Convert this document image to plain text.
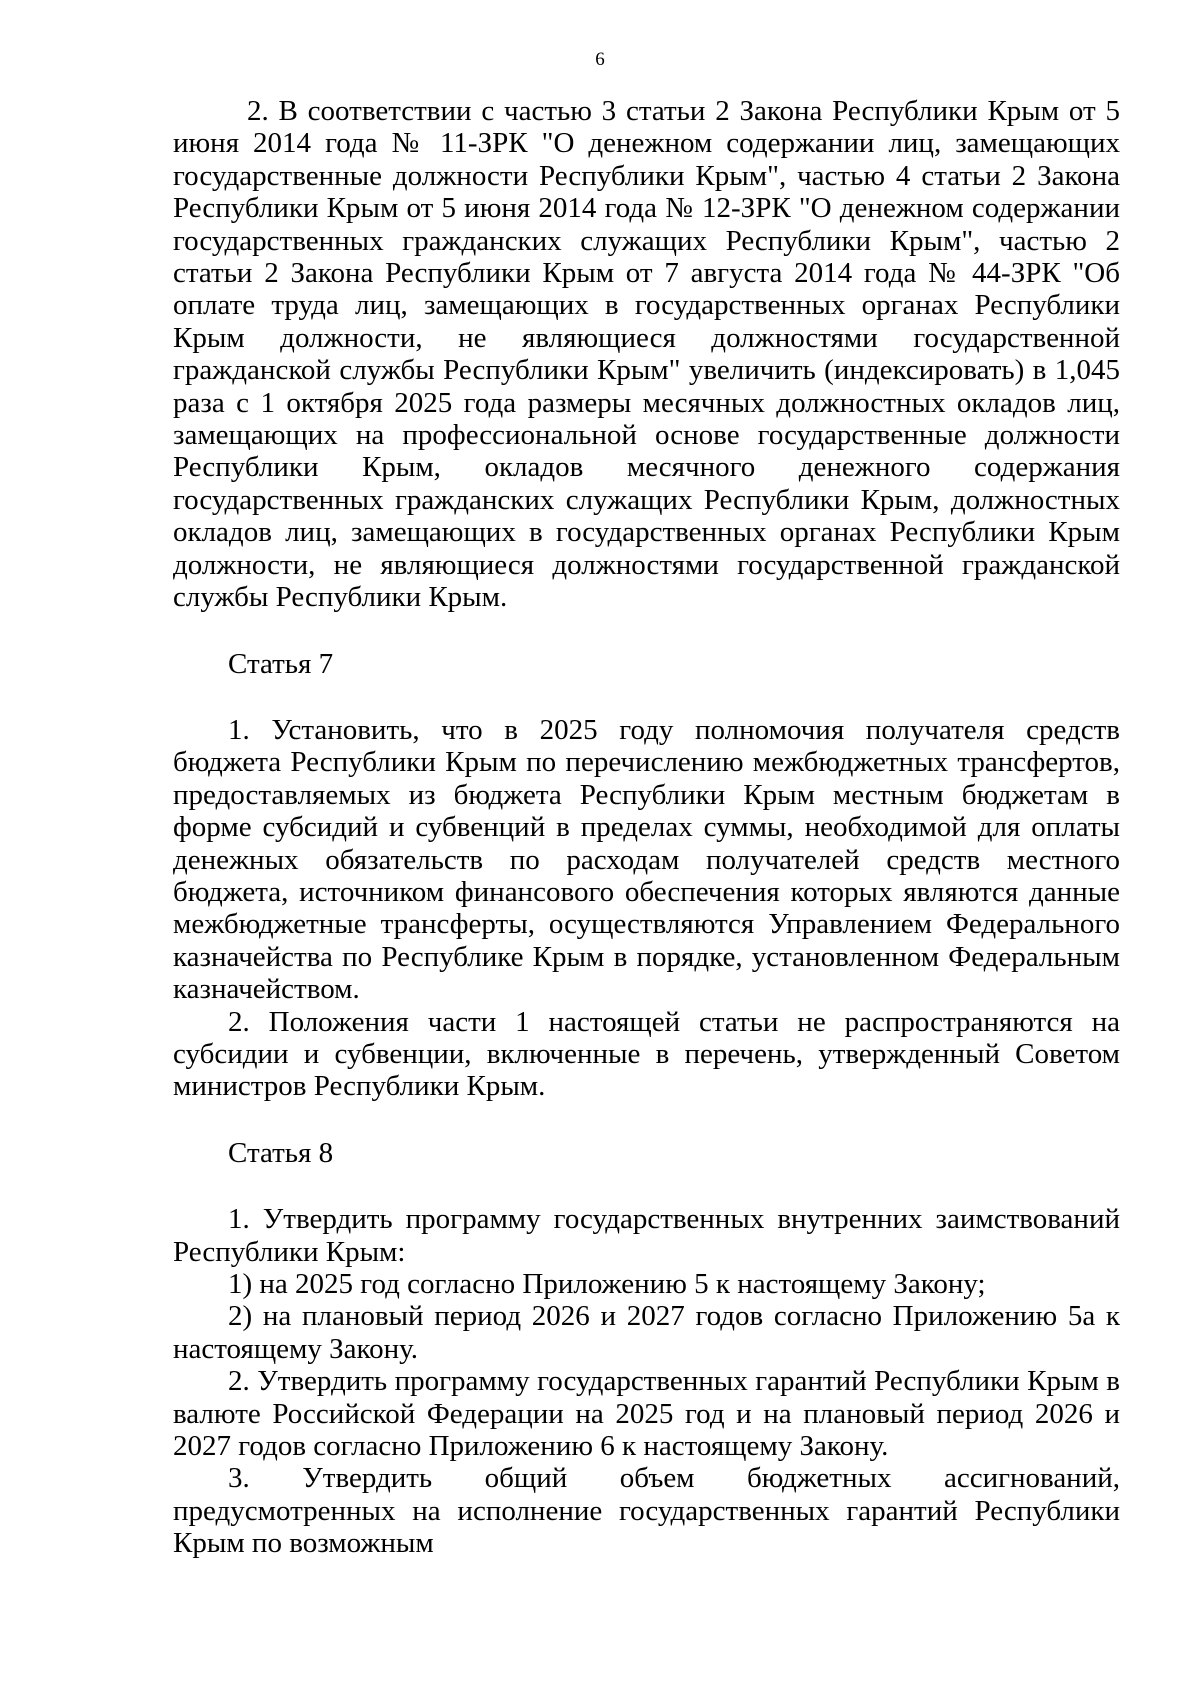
6

2. В соответствии с частью 3 статьи 2 Закона Республики Крым от 5 июня 2014 года № 11-ЗРК "О денежном содержании лиц, замещающих государственные должности Республики Крым", частью 4 статьи 2 Закона Республики Крым от 5 июня 2014 года № 12-ЗРК "О денежном содержании государственных гражданских служащих Республики Крым", частью 2 статьи 2 Закона Республики Крым от 7 августа 2014 года № 44-ЗРК "Об оплате труда лиц, замещающих в государственных органах Республики Крым должности, не являющиеся должностями государственной гражданской службы Республики Крым" увеличить (индексировать) в 1,045 раза с 1 октября 2025 года размеры месячных должностных окладов лиц, замещающих на профессиональной основе государственные должности Республики Крым, окладов месячного денежного содержания государственных гражданских служащих Республики Крым, должностных окладов лиц, замещающих в государственных органах Республики Крым должности, не являющиеся должностями государственной гражданской службы Республики Крым.

Статья 7

1. Установить, что в 2025 году полномочия получателя средств бюджета Республики Крым по перечислению межбюджетных трансфертов, предоставляемых из бюджета Республики Крым местным бюджетам в форме субсидий и субвенций в пределах суммы, необходимой для оплаты денежных обязательств по расходам получателей средств местного бюджета, источником финансового обеспечения которых являются данные межбюджетные трансферты, осуществляются Управлением Федерального казначейства по Республике Крым в порядке, установленном Федеральным казначейством.

2. Положения части 1 настоящей статьи не распространяются на субсидии и субвенции, включенные в перечень, утвержденный Советом министров Республики Крым.

Статья 8

1. Утвердить программу государственных внутренних заимствований Республики Крым:

1) на 2025 год согласно Приложению 5 к настоящему Закону;

2) на плановый период 2026 и 2027 годов согласно Приложению 5а к настоящему Закону.

2. Утвердить программу государственных гарантий Республики Крым в валюте Российской Федерации на 2025 год и на плановый период 2026 и 2027 годов согласно Приложению 6 к настоящему Закону.

3. Утвердить общий объем бюджетных ассигнований, предусмотренных на исполнение государственных гарантий Республики Крым по возможным
